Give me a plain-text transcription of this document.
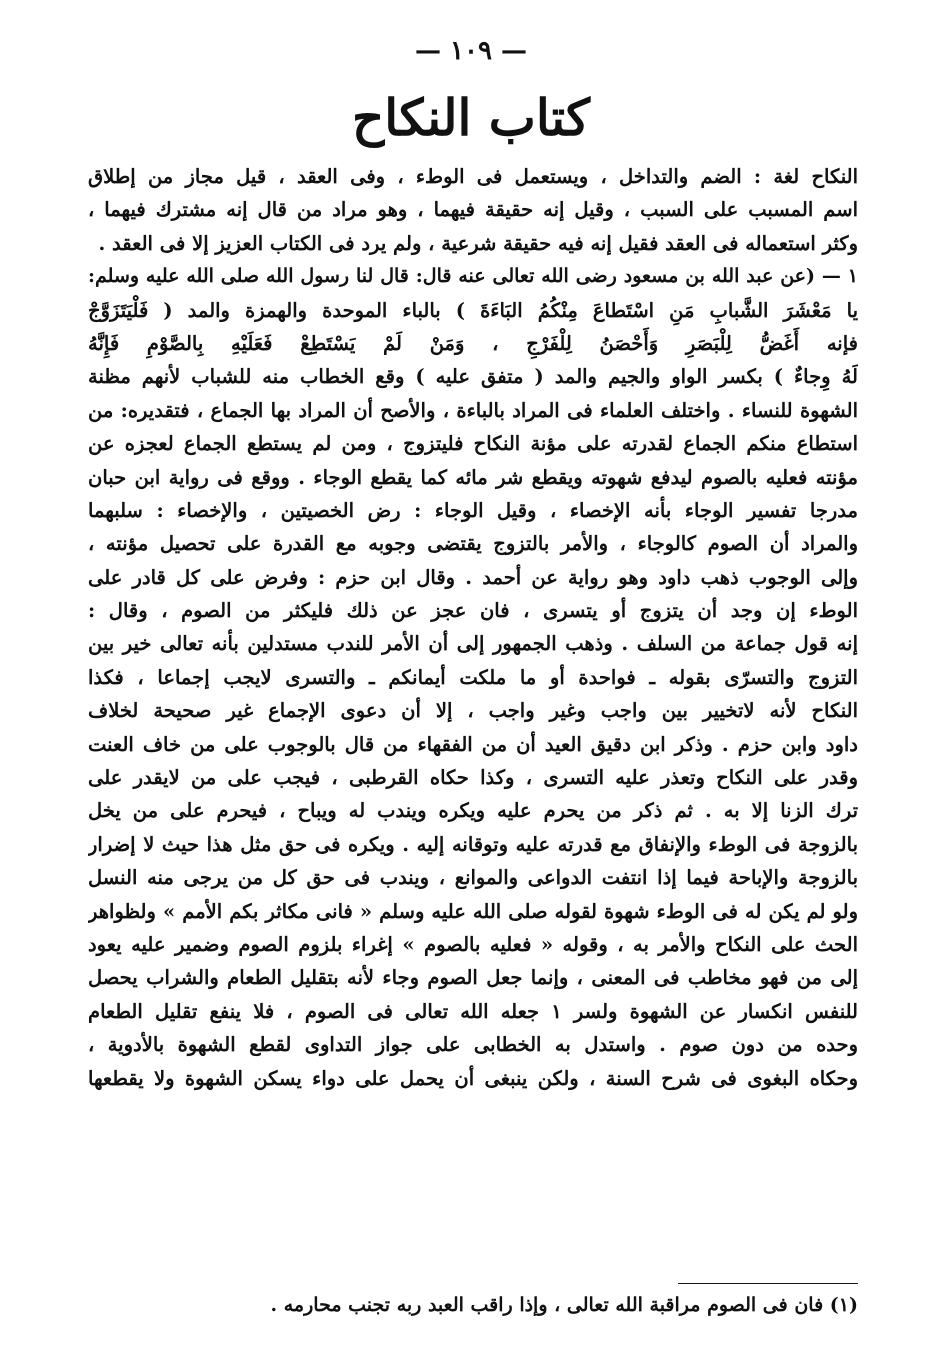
— ١٠٩ —
كتاب النكاح
النكاح لغة : الضم والتداخل ، ويستعمل فى الوطء ، وفى العقد ، قيل مجاز من إطلاق
اسم المسبب على السبب ، وقيل إنه حقيقة فيهما ، وهو مراد من قال إنه مشترك فيهما ،
وكثر استعماله فى العقد فقيل إنه فيه حقيقة شرعية ، ولم يرد فى الكتاب العزيز إلا فى العقد .
١ — (عن عبد الله بن مسعود رضى الله تعالى عنه قال: قال لنا رسول الله صلى الله عليه وسلم:
يا مَعْشَرَ الشَّبابِ مَنِ اسْتَطاعَ مِنْكُمُ البَاءَةَ ) بالباء الموحدة والهمزة والمد ( فَلْيَتَزَوَّجْ
فإنه أَغَضُّ لِلْبَصَرِ وَأَحْصَنُ لِلْفَرْجِ ، وَمَنْ لَمْ يَسْتَطِعْ فَعَلَيْهِ بِالصَّوْمِ فَإِنَّهُ
لَهُ وِجاءٌ ) بكسر الواو والجيم والمد ( متفق عليه ) وقع الخطاب منه للشباب لأنهم مظنة
الشهوة للنساء . واختلف العلماء فى المراد بالباءة ، والأصح أن المراد بها الجماع ، فتقديره: من
استطاع منكم الجماع لقدرته على مؤنة النكاح فليتزوج ، ومن لم يستطع الجماع لعجزه عن
مؤنته فعليه بالصوم ليدفع شهوته ويقطع شر مائه كما يقطع الوجاء . ووقع فى رواية ابن حبان
مدرجا تفسير الوجاء بأنه الإخصاء ، وقيل الوجاء : رض الخصيتين ، والإخصاء : سلبهما
والمراد أن الصوم كالوجاء ، والأمر بالتزوج يقتضى وجوبه مع القدرة على تحصيل مؤنته ،
وإلى الوجوب ذهب داود وهو رواية عن أحمد . وقال ابن حزم : وفرض على كل قادر على
الوطء إن وجد أن يتزوج أو يتسرى ، فان عجز عن ذلك فليكثر من الصوم ، وقال :
إنه قول جماعة من السلف . وذهب الجمهور إلى أن الأمر للندب مستدلين بأنه تعالى خير بين
التزوج والتسرّى بقوله ـ فواحدة أو ما ملكت أيمانكم ـ والتسرى لايجب إجماعا ، فكذا
النكاح لأنه لاتخيير بين واجب وغير واجب ، إلا أن دعوى الإجماع غير صحيحة لخلاف
داود وابن حزم . وذكر ابن دقيق العيد أن من الفقهاء من قال بالوجوب على من خاف العنت
وقدر على النكاح وتعذر عليه التسرى ، وكذا حكاه القرطبى ، فيجب على من لايقدر على
ترك الزنا إلا به . ثم ذكر من يحرم عليه ويكره ويندب له ويباح ، فيحرم على من يخل
بالزوجة فى الوطء والإنفاق مع قدرته عليه وتوقانه إليه . ويكره فى حق مثل هذا حيث لا إضرار
بالزوجة والإباحة فيما إذا انتفت الدواعى والموانع ، ويندب فى حق كل من يرجى منه النسل
ولو لم يكن له فى الوطء شهوة لقوله صلى الله عليه وسلم « فانى مكاثر بكم الأمم » ولظواهر
الحث على النكاح والأمر به ، وقوله « فعليه بالصوم » إغراء بلزوم الصوم وضمير عليه يعود
إلى من فهو مخاطب فى المعنى ، وإنما جعل الصوم وجاء لأنه بتقليل الطعام والشراب يحصل
للنفس انكسار عن الشهوة ولسر ١ جعله الله تعالى فى الصوم ، فلا ينفع تقليل الطعام
وحده من دون صوم . واستدل به الخطابى على جواز التداوى لقطع الشهوة بالأدوية ،
وحكاه البغوى فى شرح السنة ، ولكن ينبغى أن يحمل على دواء يسكن الشهوة ولا يقطعها
(١) فان فى الصوم مراقبة الله تعالى ، وإذا راقب العبد ربه تجنب محارمه .
